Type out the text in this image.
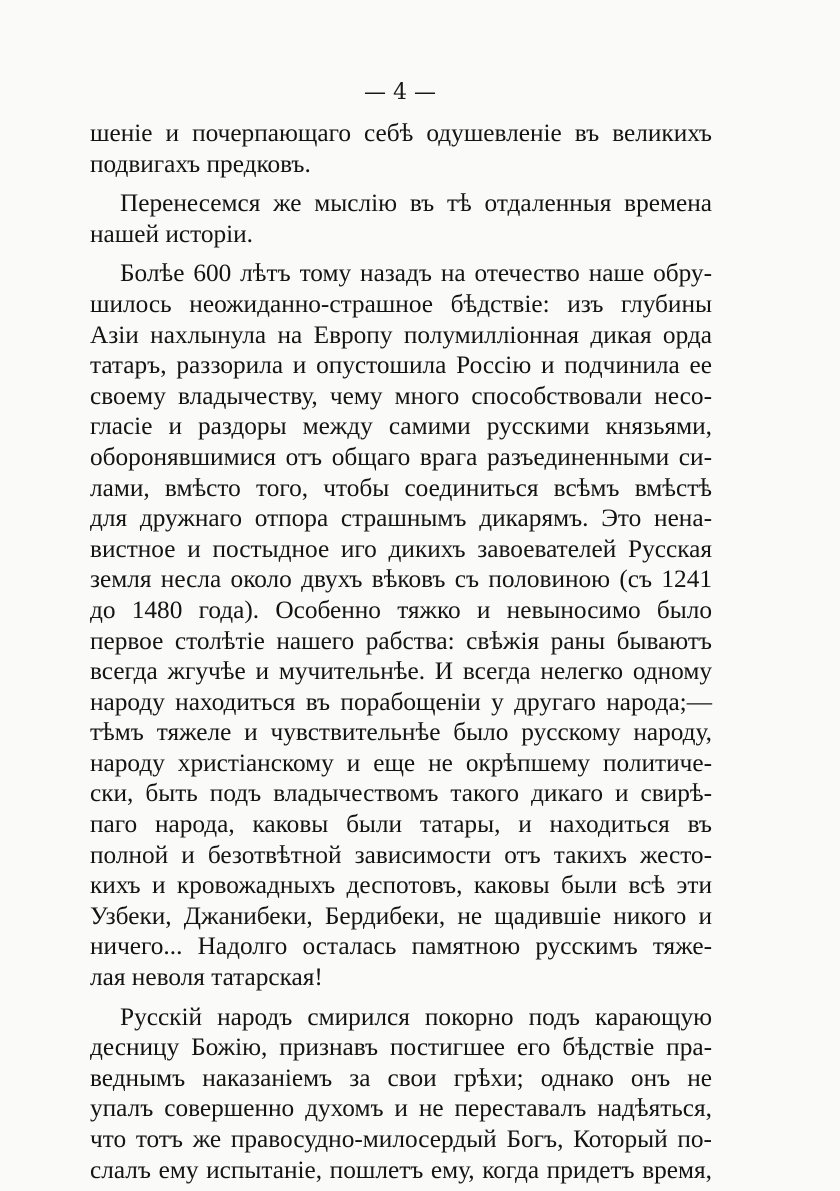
— 4 —
шеніе и почерпающаго себѣ одушевленіе въ великихъ
подвигахъ предковъ.
Перенесемся же мыслію въ тѣ отдаленныя времена
нашей исторіи.
Болѣе 600 лѣтъ тому назадъ на отечество наше обру-
шилось неожиданно-страшное бѣдствіе: изъ глубины
Азіи нахлынула на Европу полумилліонная дикая орда
татаръ, раззорила и опустошила Россію и подчинила ее
своему владычеству, чему много способствовали несо-
гласіе и раздоры между самими русскими князьями,
оборонявшимися отъ общаго врага разъединенными си-
лами, вмѣсто того, чтобы соединиться всѣмъ вмѣстѣ
для дружнаго отпора страшнымъ дикарямъ. Это нена-
вистное и постыдное иго дикихъ завоевателей Русская
земля несла около двухъ вѣковъ съ половиною (съ 1241
до 1480 года). Особенно тяжко и невыносимо было
первое столѣтіе нашего рабства: свѣжія раны бываютъ
всегда жгучѣе и мучительнѣе. И всегда нелегко одному
народу находиться въ порабощеніи у другаго народа;—
тѣмъ тяжеле и чувствительнѣе было русскому народу,
народу христіанскому и еще не окрѣпшему политиче-
ски, быть подъ владычествомъ такого дикаго и свирѣ-
паго народа, каковы были татары, и находиться въ
полной и безотвѣтной зависимости отъ такихъ жесто-
кихъ и кровожадныхъ деспотовъ, каковы были всѣ эти
Узбеки, Джанибеки, Бердибеки, не щадившіе никого и
ничего... Надолго осталась памятною русскимъ тяже-
лая неволя татарская!
Русскій народъ смирился покорно подъ карающую
десницу Божію, признавъ постигшее его бѣдствіе пра-
веднымъ наказаніемъ за свои грѣхи; однако онъ не
упалъ совершенно духомъ и не переставалъ надѣяться,
что тотъ же правосудно-милосердый Богъ, Который по-
слалъ ему испытаніе, пошлетъ ему, когда придетъ время,
